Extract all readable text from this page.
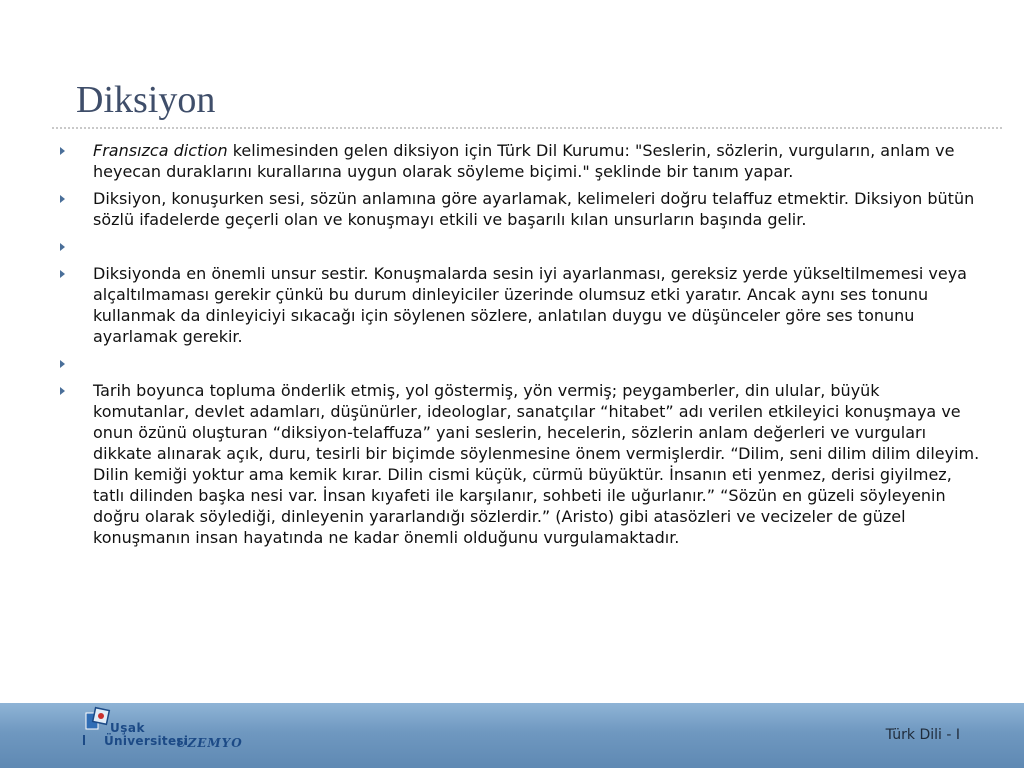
Diksiyon
Fransızca diction kelimesinden gelen diksiyon için Türk Dil Kurumu: "Seslerin, sözlerin, vurguların, anlam ve heyecan duraklarını kurallarına uygun olarak söyleme biçimi." şeklinde bir tanım yapar.
Diksiyon, konuşurken sesi, sözün anlamına göre ayarlamak, kelimeleri doğru telaffuz etmektir. Diksiyon bütün sözlü ifadelerde geçerli olan ve konuşmayı etkili ve başarılı kılan unsurların başında gelir.
Diksiyonda en önemli unsur sestir. Konuşmalarda sesin iyi ayarlanması, gereksiz yerde yükseltilmemesi veya alçaltılmaması gerekir çünkü bu durum dinleyiciler üzerinde olumsuz etki yaratır. Ancak aynı ses tonunu kullanmak da dinleyiciyi sıkacağı için söylenen sözlere, anlatılan duygu ve düşünceler göre ses tonunu ayarlamak gerekir.
Tarih boyunca topluma önderlik etmiş, yol göstermiş, yön vermiş; peygamberler, din ulular, büyük komutanlar, devlet adamları, düşünürler, ideologlar, sanatçılar “hitabet” adı verilen etkileyici konuşmaya ve onun özünü oluşturan “diksiyon-telaffuza” yani seslerin, hecelerin, sözlerin anlam değerleri ve vurguları dikkate alınarak açık, duru, tesirli bir biçimde söylenmesine önem vermişlerdir. “Dilim, seni dilim dilim dileyim. Dilin kemiği yoktur ama kemik kırar. Dilin cismi küçük, cürmü büyüktür. İnsanın eti yenmez, derisi giyilmez, tatlı dilinden başka nesi var. İnsan kıyafeti ile karşılanır, sohbeti ile uğurlanır.” “Sözün en güzeli söyleyenin doğru olarak söylediği, dinleyenin yararlandığı sözlerdir.” (Aristo) gibi atasözleri ve vecizeler de güzel konuşmanın insan hayatında ne kadar önemli olduğunu vurgulamaktadır.
Uşak
Üniversitesi
UZEMYO	Türk Dili - I
